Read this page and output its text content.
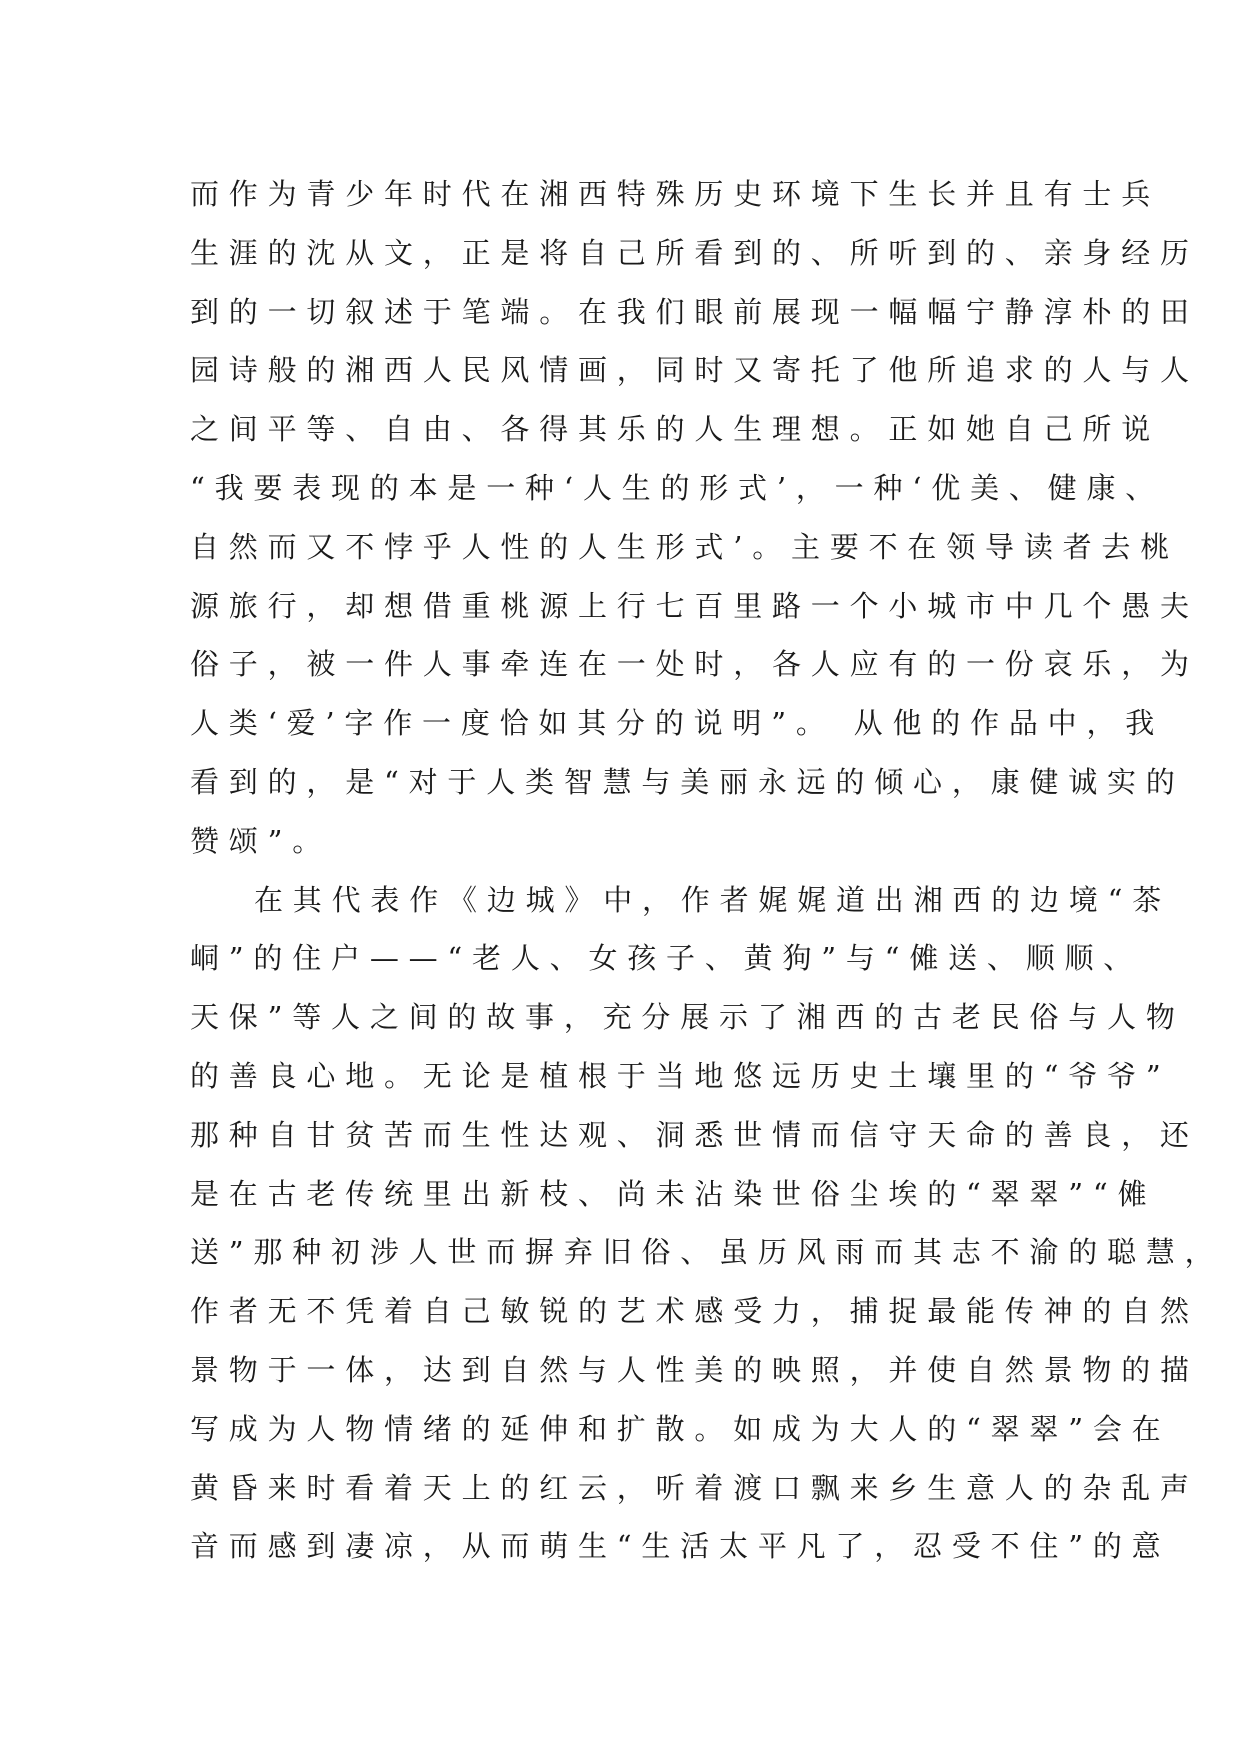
而作为青少年时代在湘西特殊历史环境下生长并且有士兵
生涯的沈从文，正是将自己所看到的、所听到的、亲身经历
到的一切叙述于笔端。在我们眼前展现一幅幅宁静淳朴的田
园诗般的湘西人民风情画，同时又寄托了他所追求的人与人
之间平等、自由、各得其乐的人生理想。正如她自己所说
“我要表现的本是一种‘人生的形式’，一种‘优美、健康、
自然而又不悖乎人性的人生形式’。主要不在领导读者去桃
源旅行，却想借重桃源上行七百里路一个小城市中几个愚夫
俗子，被一件人事牵连在一处时，各人应有的一份哀乐，为
人类‘爱’字作一度恰如其分的说明”。 从他的作品中，我
看到的，是“对于人类智慧与美丽永远的倾心，康健诚实的
赞颂”。
在其代表作《边城》中，作者娓娓道出湘西的边境“茶
峒”的住户——“老人、女孩子、黄狗”与“傩送、顺顺、
天保”等人之间的故事，充分展示了湘西的古老民俗与人物
的善良心地。无论是植根于当地悠远历史土壤里的“爷爷”
那种自甘贫苦而生性达观、洞悉世情而信守天命的善良，还
是在古老传统里出新枝、尚未沾染世俗尘埃的“翠翠”“傩
送”那种初涉人世而摒弃旧俗、虽历风雨而其志不渝的聪慧，
作者无不凭着自己敏锐的艺术感受力，捕捉最能传神的自然
景物于一体，达到自然与人性美的映照，并使自然景物的描
写成为人物情绪的延伸和扩散。如成为大人的“翠翠”会在
黄昏来时看着天上的红云，听着渡口飘来乡生意人的杂乱声
音而感到凄凉，从而萌生“生活太平凡了，忍受不住”的意
